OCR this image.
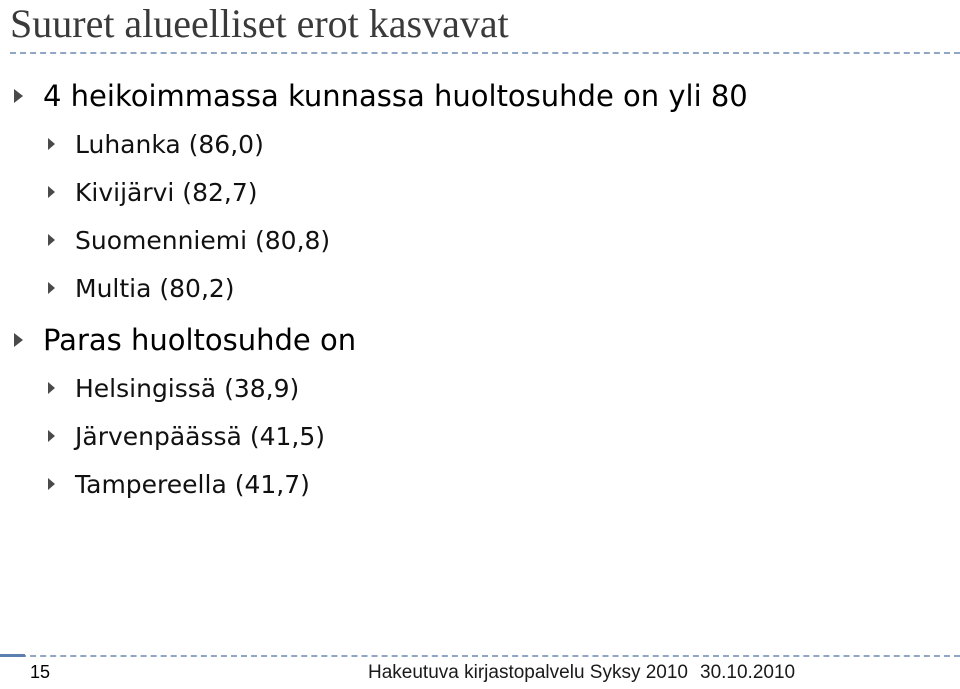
Suuret alueelliset erot kasvavat
4 heikoimmassa kunnassa huoltosuhde on yli 80
Luhanka (86,0)
Kivijärvi (82,7)
Suomenniemi (80,8)
Multia (80,2)
Paras huoltosuhde on
Helsingissä (38,9)
Järvenpäässä (41,5)
Tampereella (41,7)
15	Hakeutuva kirjastopalvelu Syksy 2010 30.10.2010
